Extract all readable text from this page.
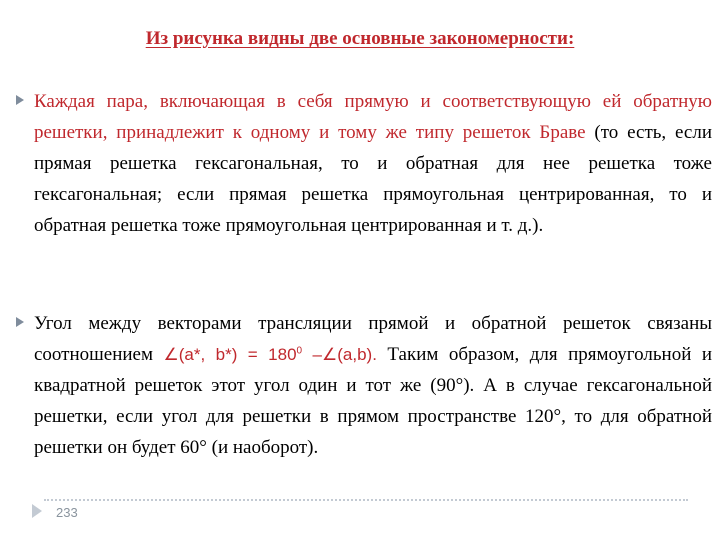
Из рисунка видны две основные закономерности:
Каждая пара, включающая в себя прямую и соответствующую ей обратную решетки, принадлежит к одному и тому же типу решеток Браве (то есть, если прямая решетка гексагональная, то и обратная для нее решетка тоже гексагональная; если прямая решетка прямоугольная центрированная, то и обратная решетка тоже прямоугольная центрированная и т. д.).
Угол между векторами трансляции прямой и обратной решеток связаны соотношением ∠(a*, $b*) = 180^0$ –∠(a,b). Таким образом, для прямоугольной и квадратной решеток этот угол один и тот же (90°). А в случае гексагональной решетки, если угол для решетки в прямом пространстве 120°, то для обратной решетки он будет 60° (и наоборот).
233
